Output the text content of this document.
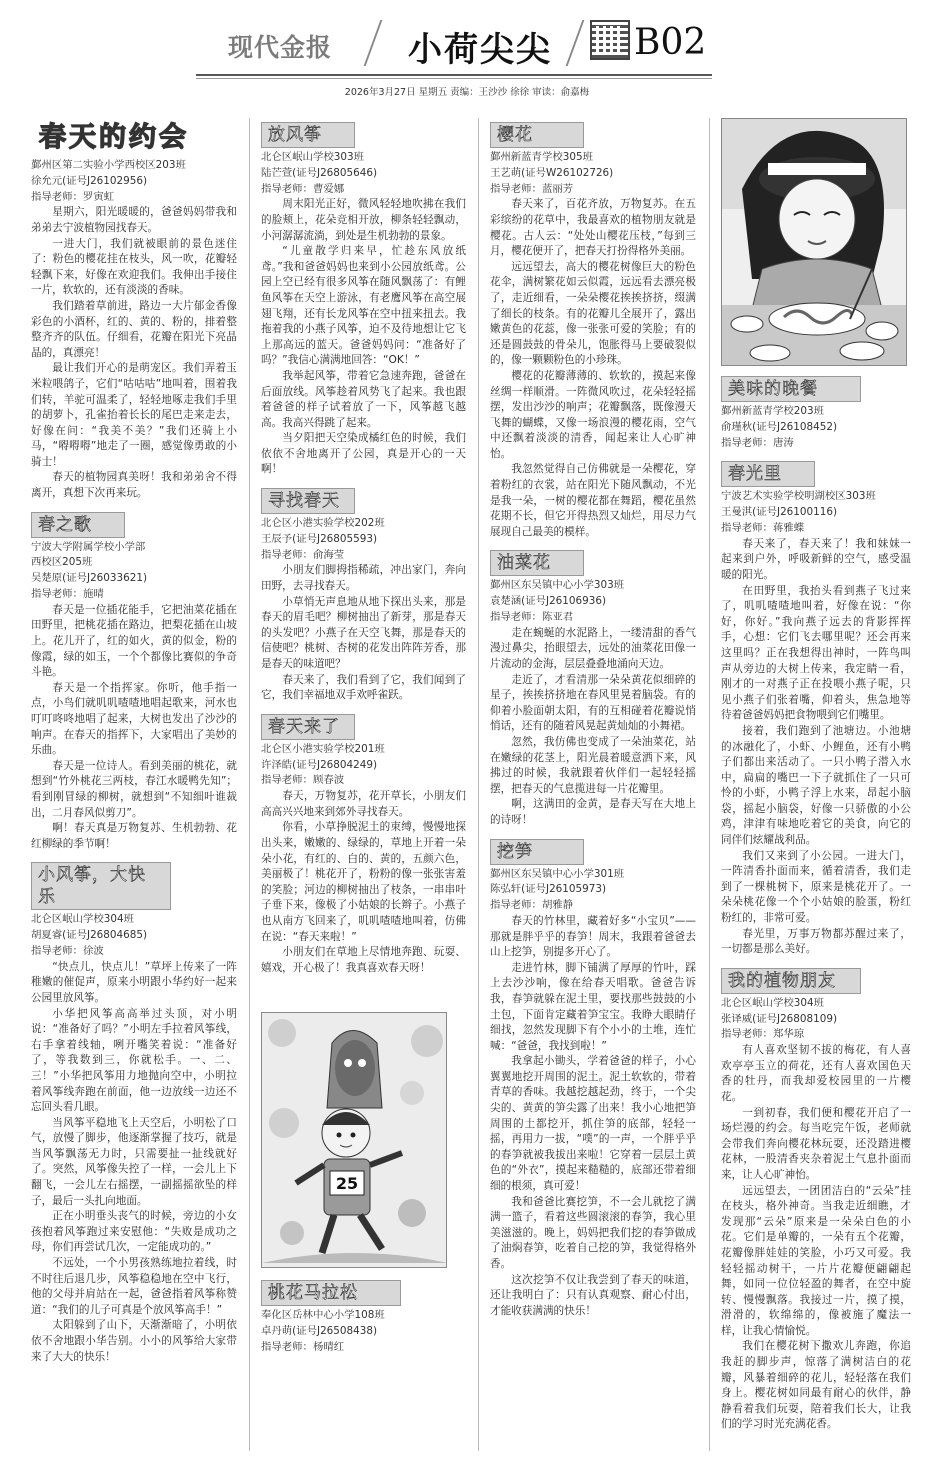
现代金报 小荷尖尖 B02
2026年3月27日 星期五 责编：王沙沙 徐徐 审读：俞嘉梅
春天的约会
鄞州区第二实验小学西校区203班
徐允元(证号J26102956)
指导老师：罗寅虹

星期六，阳光暖暖的，爸爸妈妈带我和弟弟去宁波植物园找春天。

一进大门，我们就被眼前的景色迷住了：粉色的樱花挂在枝头，风一吹，花瓣轻轻飘下来，好像在欢迎我们。我伸出手接住一片，软软的，还有淡淡的香味。

我们踏着草前进，路边一大片郁金香像彩色的小酒杯，红的、黄的、粉的，排着整整齐齐的队伍。仔细看，花瓣在阳光下亮晶晶的，真漂亮！

最让我们开心的是萌宠区。我们弄着玉米粒喂鸽子，它们“咕咕咕”地叫着，围着我们转，羊驼可温柔了，轻轻地啄走我们手里的胡萝卜，孔雀抬着长长的尾巴走来走去，好像在问：“我美不美？”我们还骑上小马，“嘚嘚嘚”地走了一圈，感觉像勇敢的小骑士！

春天的植物园真美呀！我和弟弟舍不得离开，真想下次再来玩。

春之歌
宁波大学附属学校小学部
西校区205班
吴楚原(证号J26033621)
指导老师：施晴

春天是一位插花能手，它把油菜花插在田野里，把桃花插在路边，把梨花插在山坡上。花儿开了，红的如火，黄的似金，粉的像霞，绿的如玉，一个个都像比赛似的争奇斗艳。

春天是一个指挥家。你听，他手指一点，小鸟们就叽叽喳喳地唱起歌来，河水也叮叮咚咚地唱了起来，大树也发出了沙沙的响声。在春天的指挥下，大家唱出了美妙的乐曲。

春天是一位诗人。看到美丽的桃花，就想到“竹外桃花三两枝，春江水暖鸭先知”；看到刚冒绿的柳树，就想到“不知细叶谁裁出，二月春风似剪刀”。

啊！春天真是万物复苏、生机勃勃、花红柳绿的季节啊！

小风筝，大快乐
北仑区岷山学校304班
胡夏睿(证号J26804685)
指导老师：徐波

“快点儿，快点儿！”草坪上传来了一阵稚嫩的催促声，原来小明跟小华约好一起来公园里放风筝。

小华把风筝高高举过头顶，对小明说：“准备好了吗？”小明左手拉着风筝线，右手拿着线轴，咧开嘴笑着说：“准备好了，等我数到三，你就松手。一、二、三！”小华把风筝用力地抛向空中，小明拉着风筝线奔跑在前面，他一边放线一边还不忘回头看几眼。

当风筝平稳地飞上天空后，小明松了口气，放慢了脚步，他逐渐掌握了技巧，就是当风筝飘荡无力时，只需要扯一扯线就好了。突然，风筝像失控了一样，一会儿上下翻飞，一会儿左右摇摆，一副摇摇欲坠的样子，最后一头扎向地面。

正在小明垂头丧气的时候，旁边的小女孩抱着风筝跑过来安慰他：“失败是成功之母，你们再尝试几次，一定能成功的。”

不远处，一个小男孩熟练地拉着线，时不时往后退几步，风筝稳稳地在空中飞行，他的父母并肩站在一起，爸爸指着风筝称赞道：“我们的儿子可真是个放风筝高手！”

太阳躲到了山下，天渐渐暗了，小明依依不舍地跟小华告别。小小的风筝给大家带来了大大的快乐！

放风筝
北仑区岷山学校303班
陆芒萱(证号J26805646)
指导老师：曹爱娜

周末阳光正好，微风轻轻地吹拂在我们的脸颊上，花朵竞相开放，柳条轻轻飘动，小河潺潺流淌，到处是生机勃勃的景象。

“儿童散学归来早，忙趁东风放纸鸢。”我和爸爸妈妈也来到小公园放纸鸢。公园上空已经有很多风筝在随风飘荡了：有鲤鱼风筝在天空上游泳，有老鹰风筝在高空展翅飞翔，还有长龙风筝在空中扭来扭去。我拖着我的小燕子风筝，迫不及待地想让它飞上那高远的蓝天。爸爸妈妈问：“准备好了吗？”我信心满满地回答：“OK！”

我举起风筝，带着它急速奔跑，爸爸在后面放线。风筝趁着风势飞了起来。我也跟着爸爸的样子试着放了一下，风筝越飞越高。我高兴得跳了起来。

当夕阳把天空染成橘红色的时候，我们依依不舍地离开了公园，真是开心的一天啊！

寻找春天
北仑区小港实验学校202班
王辰予(证号J26805593)
指导老师：俞海莹

小朋友们脚拇指稀疏，冲出家门，奔向田野，去寻找春天。

小草悄无声息地从地下探出头来，那是春天的眉毛吧？柳树抽出了新芽，那是春天的头发吧？小燕子在天空飞舞，那是春天的信使吧？桃树、杏树的花发出阵阵芳香，那是春天的味道吧？

春天来了，我们看到了它，我们闻到了它，我们幸福地双手欢呼雀跃。

春天来了
北仑区小港实验学校201班
许泽皓(证号J26804249)
指导老师：顾春波

春天，万物复苏，花开草长，小朋友们高高兴兴地来到郊外寻找春天。

你看，小草挣脱泥土的束缚，慢慢地探出头来，嫩嫩的、绿绿的，草地上开着一朵朵小花，有红的、白的、黄的，五颜六色，美丽极了！桃花开了，粉粉的像一张张害羞的笑脸；河边的柳树抽出了枝条，一串串叶子垂下来，像极了小姑娘的长辫子。小燕子也从南方飞回来了，叽叽喳喳地叫着，仿佛在说：“春天来啦！”

小朋友们在草地上尽情地奔跑、玩耍、嬉戏，开心极了！我真喜欢春天呀！

25
桃花马拉松
奉化区岳林中心小学108班
卓丹萌(证号J26508438)
指导老师：杨晴红
樱花
鄞州新蓝青学校305班
王艺萌(证号W26102726)
指导老师：蓝丽芳

春天来了，百花齐放，万物复苏。在五彩缤纷的花草中，我最喜欢的植物朋友就是樱花。古人云：“处处山樱花压枝，”每到三月，樱花便开了，把春天打扮得格外美丽。

远远望去，高大的樱花树像巨大的粉色花伞，满树繁花如云似霞，远远看去漂亮极了，走近细看，一朵朵樱花挨挨挤挤，缀满了细长的枝条。有的花瓣儿全展开了，露出嫩黄色的花蕊，像一张张可爱的笑脸；有的还是圆鼓鼓的骨朵儿，饱胀得马上要破裂似的，像一颗颗粉色的小珍珠。

樱花的花瓣薄薄的、软软的，摸起来像丝绸一样顺滑。一阵微风吹过，花朵轻轻摇摆，发出沙沙的响声；花瓣飘落，既像漫天飞舞的蝴蝶，又像一场浪漫的樱花雨，空气中还飘着淡淡的清香，闻起来让人心旷神怡。

我忽然觉得自己仿佛就是一朵樱花，穿着粉红的衣裳，站在阳光下随风飘动，不光是我一朵，一树的樱花都在舞蹈，樱花虽然花期不长，但它开得热烈又灿烂，用尽力气展现自己最美的模样。

油菜花
鄞州区东吴镇中心小学303班
袁楚涵(证号J26106936)
指导老师：陈亚君

走在蜿蜒的水泥路上，一缕清甜的香气漫过鼻尖，抬眼望去，远处的油菜花田像一片流动的金海，层层叠叠地涌向天边。

走近了，才看清那一朵朵黄花似细碎的星子，挨挨挤挤地在春风里晃着脑袋。有的仰着小脸面朝太阳，有的互相碰着花瓣说悄悄话，还有的随着风晃起黄灿灿的小舞裙。

忽然，我仿佛也变成了一朵油菜花，站在嫩绿的花茎上，阳光晨着暖意洒下来，风拂过的时候，我就跟着伙伴们一起轻轻摇摆，把春天的气息揽进每一片花瓣里。

啊，这满田的金黄，是春天写在大地上的诗呀！

挖笋
鄞州区东吴镇中心小学301班
陈弘轩(证号J26105973)
指导老师：胡雅静

春天的竹林里，藏着好多“小宝贝”——那就是胖乎乎的春笋！周末，我跟着爸爸去山上挖笋，别提多开心了。

走进竹林，脚下铺满了厚厚的竹叶，踩上去沙沙响，像在给春天唱歌。爸爸告诉我，春笋就躲在泥土里，要找那些鼓鼓的小土包，下面肯定藏着笋宝宝。我睁大眼睛仔细找，忽然发现脚下有个小小的土堆，连忙喊：“爸爸，我找到啦！”

我拿起小锄头，学着爸爸的样子，小心翼翼地挖开周围的泥土。泥土软软的，带着青草的香味。我越挖越起劲，终于，一个尖尖的、黄黄的笋尖露了出来！我小心地把笋周围的土都挖开，抓住笋的底部，轻轻一摇，再用力一拔，“噗”的一声，一个胖乎乎的春笋就被我拔出来啦！它穿着一层层土黄色的“外衣”，摸起来糙糙的，底部还带着细细的根须，真可爱！

我和爸爸比赛挖笋，不一会儿就挖了满满一篮子，看着这些圆滚滚的春笋，我心里美滋滋的。晚上，妈妈把我们挖的春笋做成了油焖春笋，吃着自己挖的笋，我觉得格外香。

这次挖笋不仅让我尝到了春天的味道，还让我明白了：只有认真观察、耐心付出，才能收获满满的快乐！

美味的晚餐
鄞州新蓝青学校203班
俞瑾秋(证号J26108452)
指导老师：唐涛
春光里
宁波艺术实验学校明湖校区303班
王曼淇(证号J26100116)
指导老师：蒋雅蝶

春天来了，春天来了！我和妹妹一起来到户外，呼吸新鲜的空气，感受温暖的阳光。

在田野里，我抬头看到燕子飞过来了，叽叽喳喳地叫着，好像在说：“你好，你好。”我向燕子远去的背影挥挥手，心想：它们飞去哪里呢？还会再来这里吗？正在我想得出神时，一阵鸟叫声从旁边的大树上传来，我定睛一看，刚才的一对燕子正在投喂小燕子呢，只见小燕子们张着嘴，仰着头，焦急地等待着爸爸妈妈把食物喂到它们嘴里。

接着，我们跑到了池塘边。小池塘的冰融化了，小虾、小鲤鱼，还有小鸭子们都出来活动了。一只小鸭子潜入水中，扁扁的嘴巴一下子就抓住了一只可怜的小虾，小鸭子浮上水来，昂起小脑袋，摇起小脑袋，好像一只骄傲的小公鸡，津津有味地吃着它的美食，向它的同伴们炫耀战利品。

我们又来到了小公园。一进大门，一阵清香扑面而来，循着清香，我们走到了一棵桃树下，原来是桃花开了。一朵朵桃花像一个个小姑娘的脸蛋，粉红粉红的，非常可爱。

春光里，万事万物都苏醒过来了，一切都是那么美好。

我的植物朋友
北仑区岷山学校304班
张译威(证号J26808109)
指导老师：郑华琼

有人喜欢坚韧不拔的梅花，有人喜欢亭亭玉立的荷花，还有人喜欢国色天香的牡丹，而我却爱校园里的一片樱花。

一到初春，我们便和樱花开启了一场烂漫的约会。每当吃完午饭，老师就会带我们奔向樱花林玩耍，还没踏进樱花林，一股清香夹杂着泥土气息扑面而来，让人心旷神怡。

远远望去，一团团洁白的“云朵”挂在枝头，格外神奇。当我走近细瞧，才发现那“云朵”原来是一朵朵白色的小花。它们是单瓣的，一朵有五个花瓣，花瓣像胖娃娃的笑脸，小巧又可爱。我轻轻摇动树干，一片片花瓣便翩翩起舞，如同一位位轻盈的舞者，在空中旋转、慢慢飘落。我接过一片，摸了摸，滑滑的，软绵绵的，像被施了魔法一样，让我心情愉悦。

我们在樱花树下撒欢儿奔跑，你追我赶的脚步声，惊落了满树洁白的花瓣，风暴着细碎的花儿，轻轻落在我们身上。樱花树如同最有耐心的伙伴，静静看着我们玩耍，陪着我们长大，让我们的学习时光充满花香。
